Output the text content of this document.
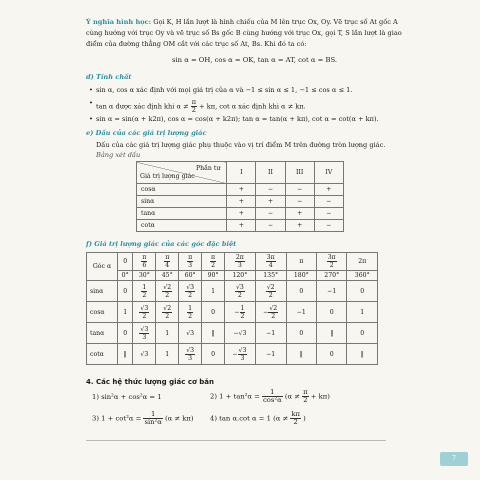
Ý nghĩa hình học: Gọi K, H lần lượt là hình chiếu của M lên trục Ox, Oy. Vẽ trục số At gốc A
cùng hướng với trục Oy và vẽ trục số Bs gốc B cùng hướng với trục Ox, gọi T, S lần lượt là giao
điểm của đường thẳng OM cắt với các trục số At, Bs. Khi đó ta có:
sin α = OH, cos α = OK, tan α = AT, cot α = BS.
d) Tính chất
• sin α, cos α xác định với mọi giá trị của α và −1 ≤ sin α ≤ 1, −1 ≤ cos α ≤ 1.
• tan α được xác định khi $\alpha \ne \frac{\pi}{2} + k\pi$, cot α xác định khi α ≠ kπ.
• sin α = sin(α + k2π), cos α = cos(α + k2π); tan α = tan(α + kπ), cot α = cot(α + kπ).
e) Dấu của các giá trị lượng giác
Dấu của các giá trị lượng giác phụ thuộc vào vị trí điểm M trên đường tròn lượng giác.
Bảng xét dấu
Phần tư
Giá trị lượng giác	I	II	III	IV
cosα	+	−	−	+
sinα	+	+	−	−
tanα	+	−	+	−
cotα	+	−	+	−
f) Giá trị lượng giác của các góc đặc biệt
Góc α	0	$\frac{\pi}{6}$	$\frac{\pi}{4}$	$\frac{\pi}{3}$	$\frac{\pi}{2}$	$\frac{2\pi}{3}$	$\frac{3\pi}{4}$	π	$\frac{3\pi}{2}$	2π
	0°	30°	45°	60°	90°	120°	135°	180°	270°	360°
sinα	0	$\frac{1}{2}$	$\frac{√2}{2}$	$\frac{√3}{2}$	1	$\frac{√3}{2}$	$\frac{√2}{2}$	0	−1	0
cosα	1	$\frac{√3}{2}$	$\frac{√2}{2}$	$\frac{1}{2}$	0	− $\frac{1}{2}$	− $\frac{√2}{2}$	−1	0	1
tanα	0	$\frac{√3}{3}$	1	√3	‖	−√3	−1	0	‖	0
cotα	‖	√3	1	$\frac{√3}{3}$	0	− $\frac{√3}{3}$	−1	‖	0	‖
4. Các hệ thức lượng giác cơ bản
1) sin²α + cos²α = 1	2) $1 + \tan^2\alpha = \frac{1}{\text{cos²α}} (\alpha \ne \frac{\pi}{2} + k\pi)$
3) $1 + \cot^2\alpha = \frac{1}{\text{sin²α}} (\alpha \ne k\pi)$ 4) tan α.cot α = 1 ($\alpha \ne \frac{k\pi}{2}$ )
7
